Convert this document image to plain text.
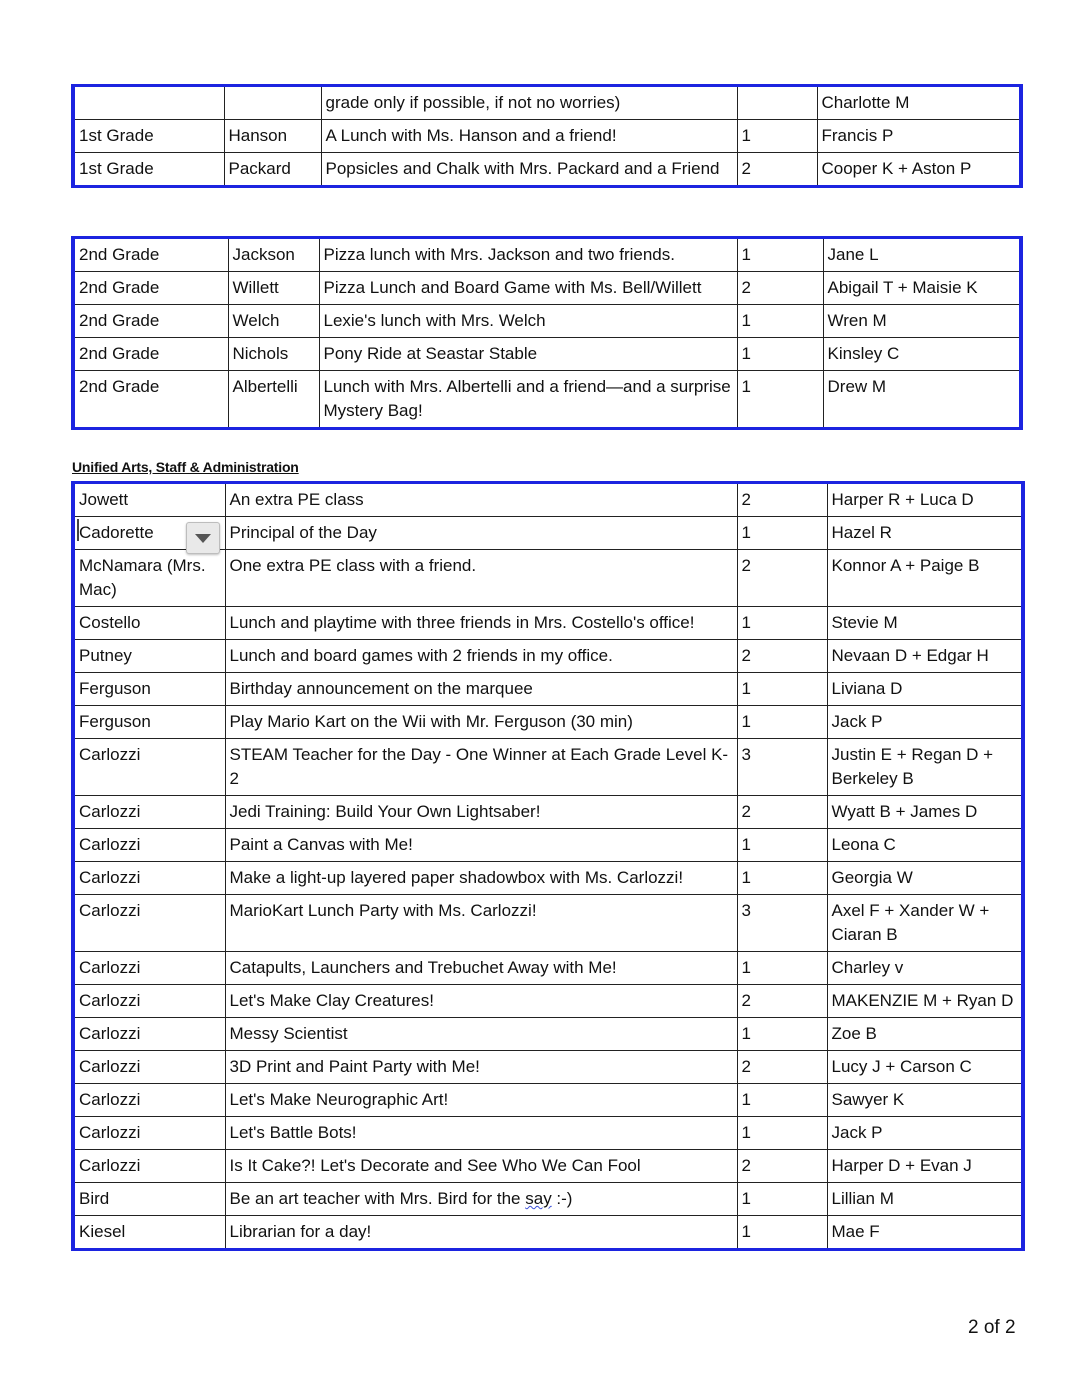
		grade only if possible, if not no worries)		Charlotte M
1st Grade	Hanson	A Lunch with Ms. Hanson and a friend!	1	Francis P
1st Grade	Packard	Popsicles and Chalk with Mrs. Packard and a Friend	2	Cooper K + Aston P
2nd Grade	Jackson	Pizza lunch with Mrs. Jackson and two friends.	1	Jane L
2nd Grade	Willett	Pizza Lunch and Board Game with Ms. Bell/Willett	2	Abigail T + Maisie K
2nd Grade	Welch	Lexie's lunch with Mrs. Welch	1	Wren M
2nd Grade	Nichols	Pony Ride at Seastar Stable	1	Kinsley C
2nd Grade	Albertelli	Lunch with Mrs. Albertelli and a friend—and a surprise Mystery Bag!	1	Drew M
Unified Arts, Staff & Administration
Jowett	An extra PE class	2	Harper R + Luca D
Cadorette	Principal of the Day	1	Hazel R
McNamara (Mrs. Mac)	One extra PE class with a friend.	2	Konnor A + Paige B
Costello	Lunch and playtime with three friends in Mrs. Costello's office!	1	Stevie M
Putney	Lunch and board games with 2 friends in my office.	2	Nevaan D + Edgar H
Ferguson	Birthday announcement on the marquee	1	Liviana D
Ferguson	Play Mario Kart on the Wii with Mr. Ferguson (30 min)	1	Jack P
Carlozzi	STEAM Teacher for the Day - One Winner at Each Grade Level K-2	3	Justin E + Regan D + Berkeley B
Carlozzi	Jedi Training: Build Your Own Lightsaber!	2	Wyatt B + James D
Carlozzi	Paint a Canvas with Me!	1	Leona C
Carlozzi	Make a light-up layered paper shadowbox with Ms. Carlozzi!	1	Georgia W
Carlozzi	MarioKart Lunch Party with Ms. Carlozzi!	3	Axel F + Xander W + Ciaran B
Carlozzi	Catapults, Launchers and Trebuchet Away with Me!	1	Charley v
Carlozzi	Let's Make Clay Creatures!	2	MAKENZIE M + Ryan D
Carlozzi	Messy Scientist	1	Zoe B
Carlozzi	3D Print and Paint Party with Me!	2	Lucy J + Carson C
Carlozzi	Let's Make Neurographic Art!	1	Sawyer K
Carlozzi	Let's Battle Bots!	1	Jack P
Carlozzi	Is It Cake?! Let's Decorate and See Who We Can Fool	2	Harper D + Evan J
Bird	Be an art teacher with Mrs. Bird for the say :-)	1	Lillian M
Kiesel	Librarian for a day!	1	Mae F
2 of 2
